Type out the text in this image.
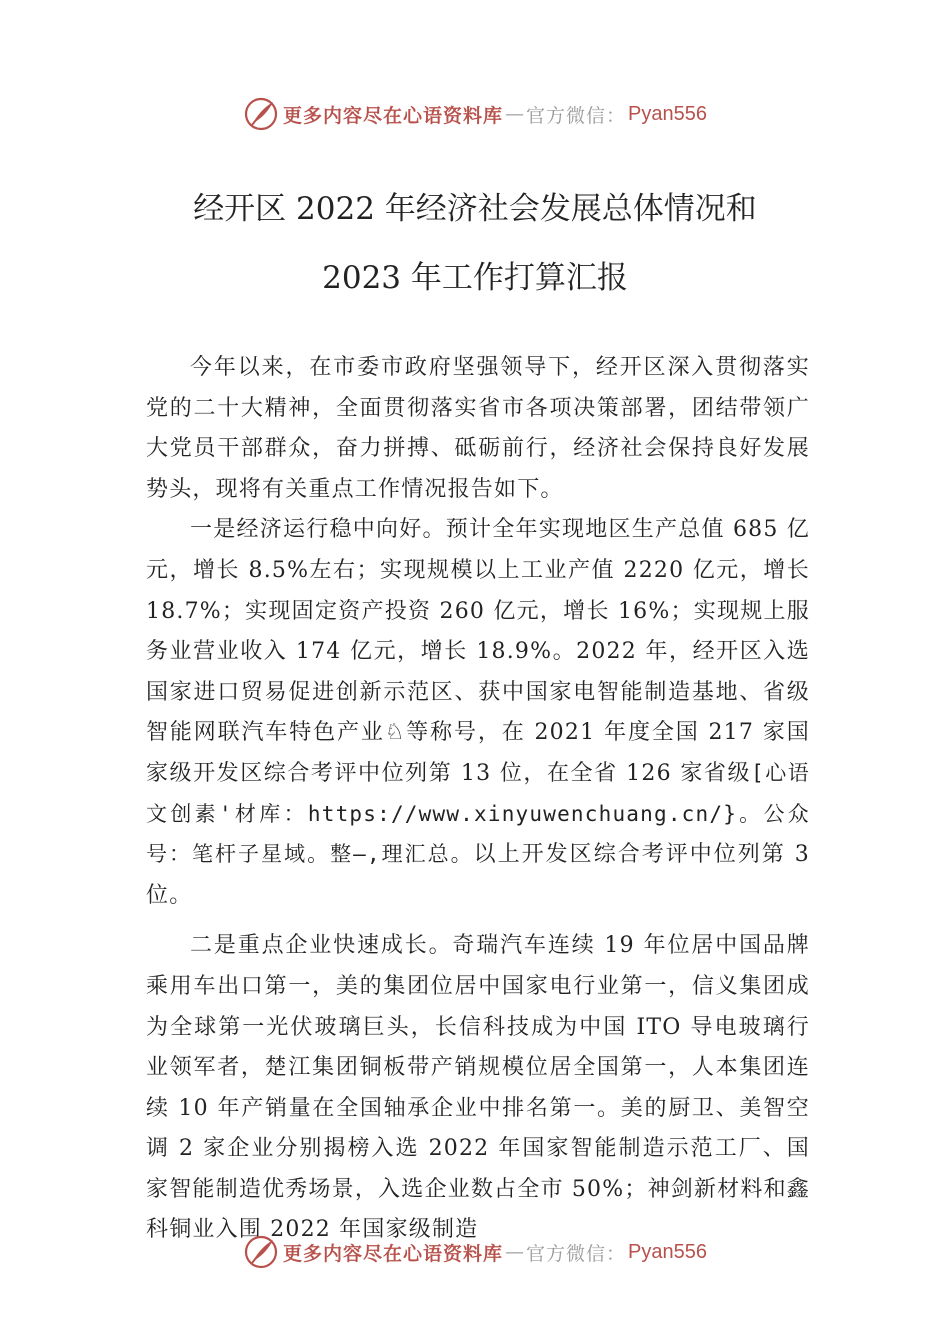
更多内容尽在心语资料库 — 官方微信： Pyan556
经开区 2022 年经济社会发展总体情况和
2023 年工作打算汇报

今年以来，在市委市政府坚强领导下，经开区深入贯彻落实党的二十大精神，全面贯彻落实省市各项决策部署，团结带领广大党员干部群众，奋力拼搏、砥砺前行，经济社会保持良好发展势头，现将有关重点工作情况报告如下。

一是经济运行稳中向好。预计全年实现地区生产总值 685 亿元，增长 8.5%左右；实现规模以上工业产值 2220 亿元，增长 18.7%；实现固定资产投资 260 亿元，增长 16%；实现规上服务业营业收入 174 亿元，增长 18.9%。2022 年，经开区入选国家进口贸易促进创新示范区、获中国家电智能制造基地、省级智能网联汽车特色产业♘等称号，在 2021 年度全国 217 家国家级开发区综合考评中位列第 13 位，在全省 126 家省级[心语文创素'材库：https://www.xinyuwenchuang.cn/}。公众号：笔杆子星域。整—,理汇总。以上开发区综合考评中位列第 3 位。

二是重点企业快速成长。奇瑞汽车连续 19 年位居中国品牌乘用车出口第一，美的集团位居中国家电行业第一，信义集团成为全球第一光伏玻璃巨头，长信科技成为中国 ITO 导电玻璃行业领军者，楚江集团铜板带产销规模位居全国第一，人本集团连续 10 年产销量在全国轴承企业中排名第一。美的厨卫、美智空调 2 家企业分别揭榜入选 2022 年国家智能制造示范工厂、国家智能制造优秀场景，入选企业数占全市 50%；神剑新材料和鑫科铜业入围 2022 年国家级制造

更多内容尽在心语资料库 — 官方微信： Pyan556
